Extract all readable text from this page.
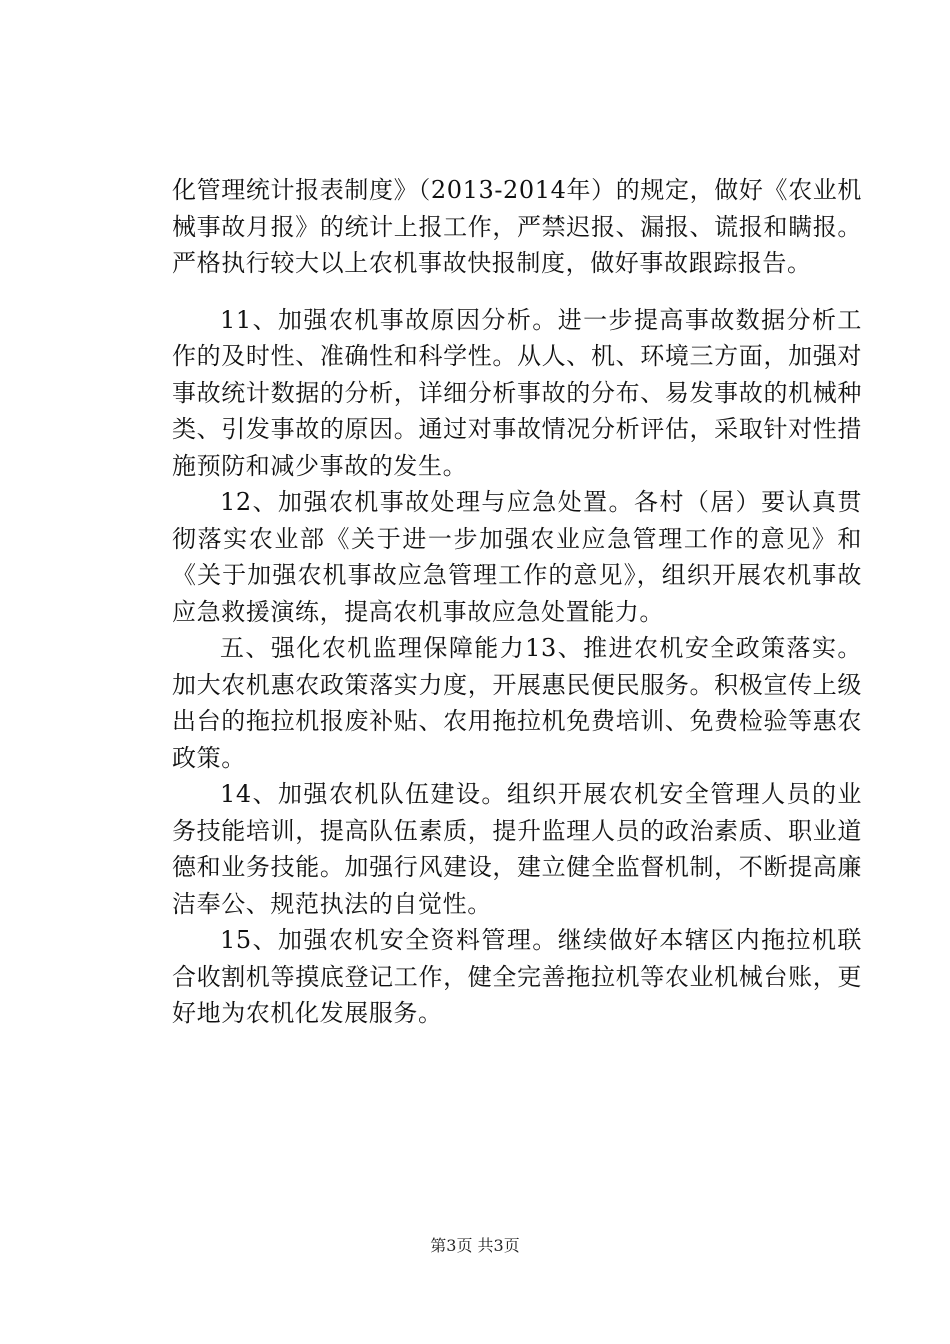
化管理统计报表制度》（2013-2014年）的规定，做好《农业机械事故月报》的统计上报工作，严禁迟报、漏报、谎报和瞒报。严格执行较大以上农机事故快报制度，做好事故跟踪报告。

11、加强农机事故原因分析。进一步提高事故数据分析工作的及时性、准确性和科学性。从人、机、环境三方面，加强对事故统计数据的分析，详细分析事故的分布、易发事故的机械种类、引发事故的原因。通过对事故情况分析评估，采取针对性措施预防和减少事故的发生。

12、加强农机事故处理与应急处置。各村（居）要认真贯彻落实农业部《关于进一步加强农业应急管理工作的意见》和《关于加强农机事故应急管理工作的意见》，组织开展农机事故应急救援演练，提高农机事故应急处置能力。

五、强化农机监理保障能力13、推进农机安全政策落实。加大农机惠农政策落实力度，开展惠民便民服务。积极宣传上级出台的拖拉机报废补贴、农用拖拉机免费培训、免费检验等惠农政策。

14、加强农机队伍建设。组织开展农机安全管理人员的业务技能培训，提高队伍素质，提升监理人员的政治素质、职业道德和业务技能。加强行风建设，建立健全监督机制，不断提高廉洁奉公、规范执法的自觉性。

15、加强农机安全资料管理。继续做好本辖区内拖拉机联合收割机等摸底登记工作，健全完善拖拉机等农业机械台账，更好地为农机化发展服务。

第3页 共3页
